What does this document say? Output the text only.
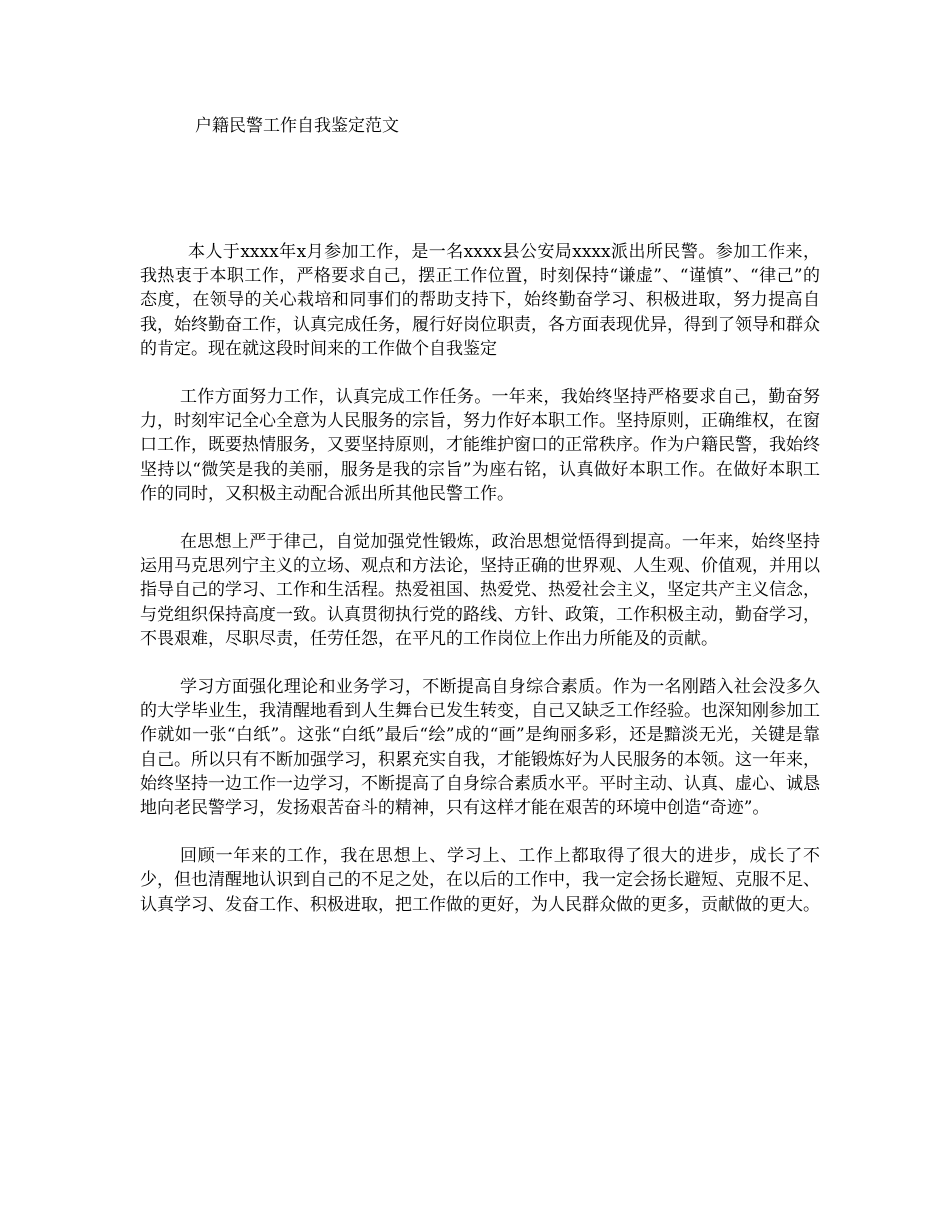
户籍民警工作自我鉴定范文

本人于xxxx年x月参加工作，是一名xxxx县公安局xxxx派出所民警。参加工作来，我热衷于本职工作，严格要求自己，摆正工作位置，时刻保持“谦虚”、“谨慎”、“律己”的态度，在领导的关心栽培和同事们的帮助支持下，始终勤奋学习、积极进取，努力提高自我，始终勤奋工作，认真完成任务，履行好岗位职责，各方面表现优异，得到了领导和群众的肯定。现在就这段时间来的工作做个自我鉴定

工作方面努力工作，认真完成工作任务。一年来，我始终坚持严格要求自己，勤奋努力，时刻牢记全心全意为人民服务的宗旨，努力作好本职工作。坚持原则，正确维权，在窗口工作，既要热情服务，又要坚持原则，才能维护窗口的正常秩序。作为户籍民警，我始终坚持以“微笑是我的美丽，服务是我的宗旨”为座右铭，认真做好本职工作。在做好本职工作的同时，又积极主动配合派出所其他民警工作。

在思想上严于律己，自觉加强党性锻炼，政治思想觉悟得到提高。一年来，始终坚持运用马克思列宁主义的立场、观点和方法论，坚持正确的世界观、人生观、价值观，并用以指导自己的学习、工作和生活程。热爱祖国、热爱党、热爱社会主义，坚定共产主义信念，与党组织保持高度一致。认真贯彻执行党的路线、方针、政策，工作积极主动，勤奋学习，不畏艰难，尽职尽责，任劳任怨，在平凡的工作岗位上作出力所能及的贡献。

学习方面强化理论和业务学习，不断提高自身综合素质。作为一名刚踏入社会没多久的大学毕业生，我清醒地看到人生舞台已发生转变，自己又缺乏工作经验。也深知刚参加工作就如一张“白纸”。这张“白纸”最后“绘”成的“画”是绚丽多彩，还是黯淡无光，关键是靠自己。所以只有不断加强学习，积累充实自我，才能锻炼好为人民服务的本领。这一年来，始终坚持一边工作一边学习，不断提高了自身综合素质水平。平时主动、认真、虚心、诚恳地向老民警学习，发扬艰苦奋斗的精神，只有这样才能在艰苦的环境中创造“奇迹”。

回顾一年来的工作，我在思想上、学习上、工作上都取得了很大的进步，成长了不少，但也清醒地认识到自己的不足之处，在以后的工作中，我一定会扬长避短、克服不足、认真学习、发奋工作、积极进取，把工作做的更好，为人民群众做的更多，贡献做的更大。
